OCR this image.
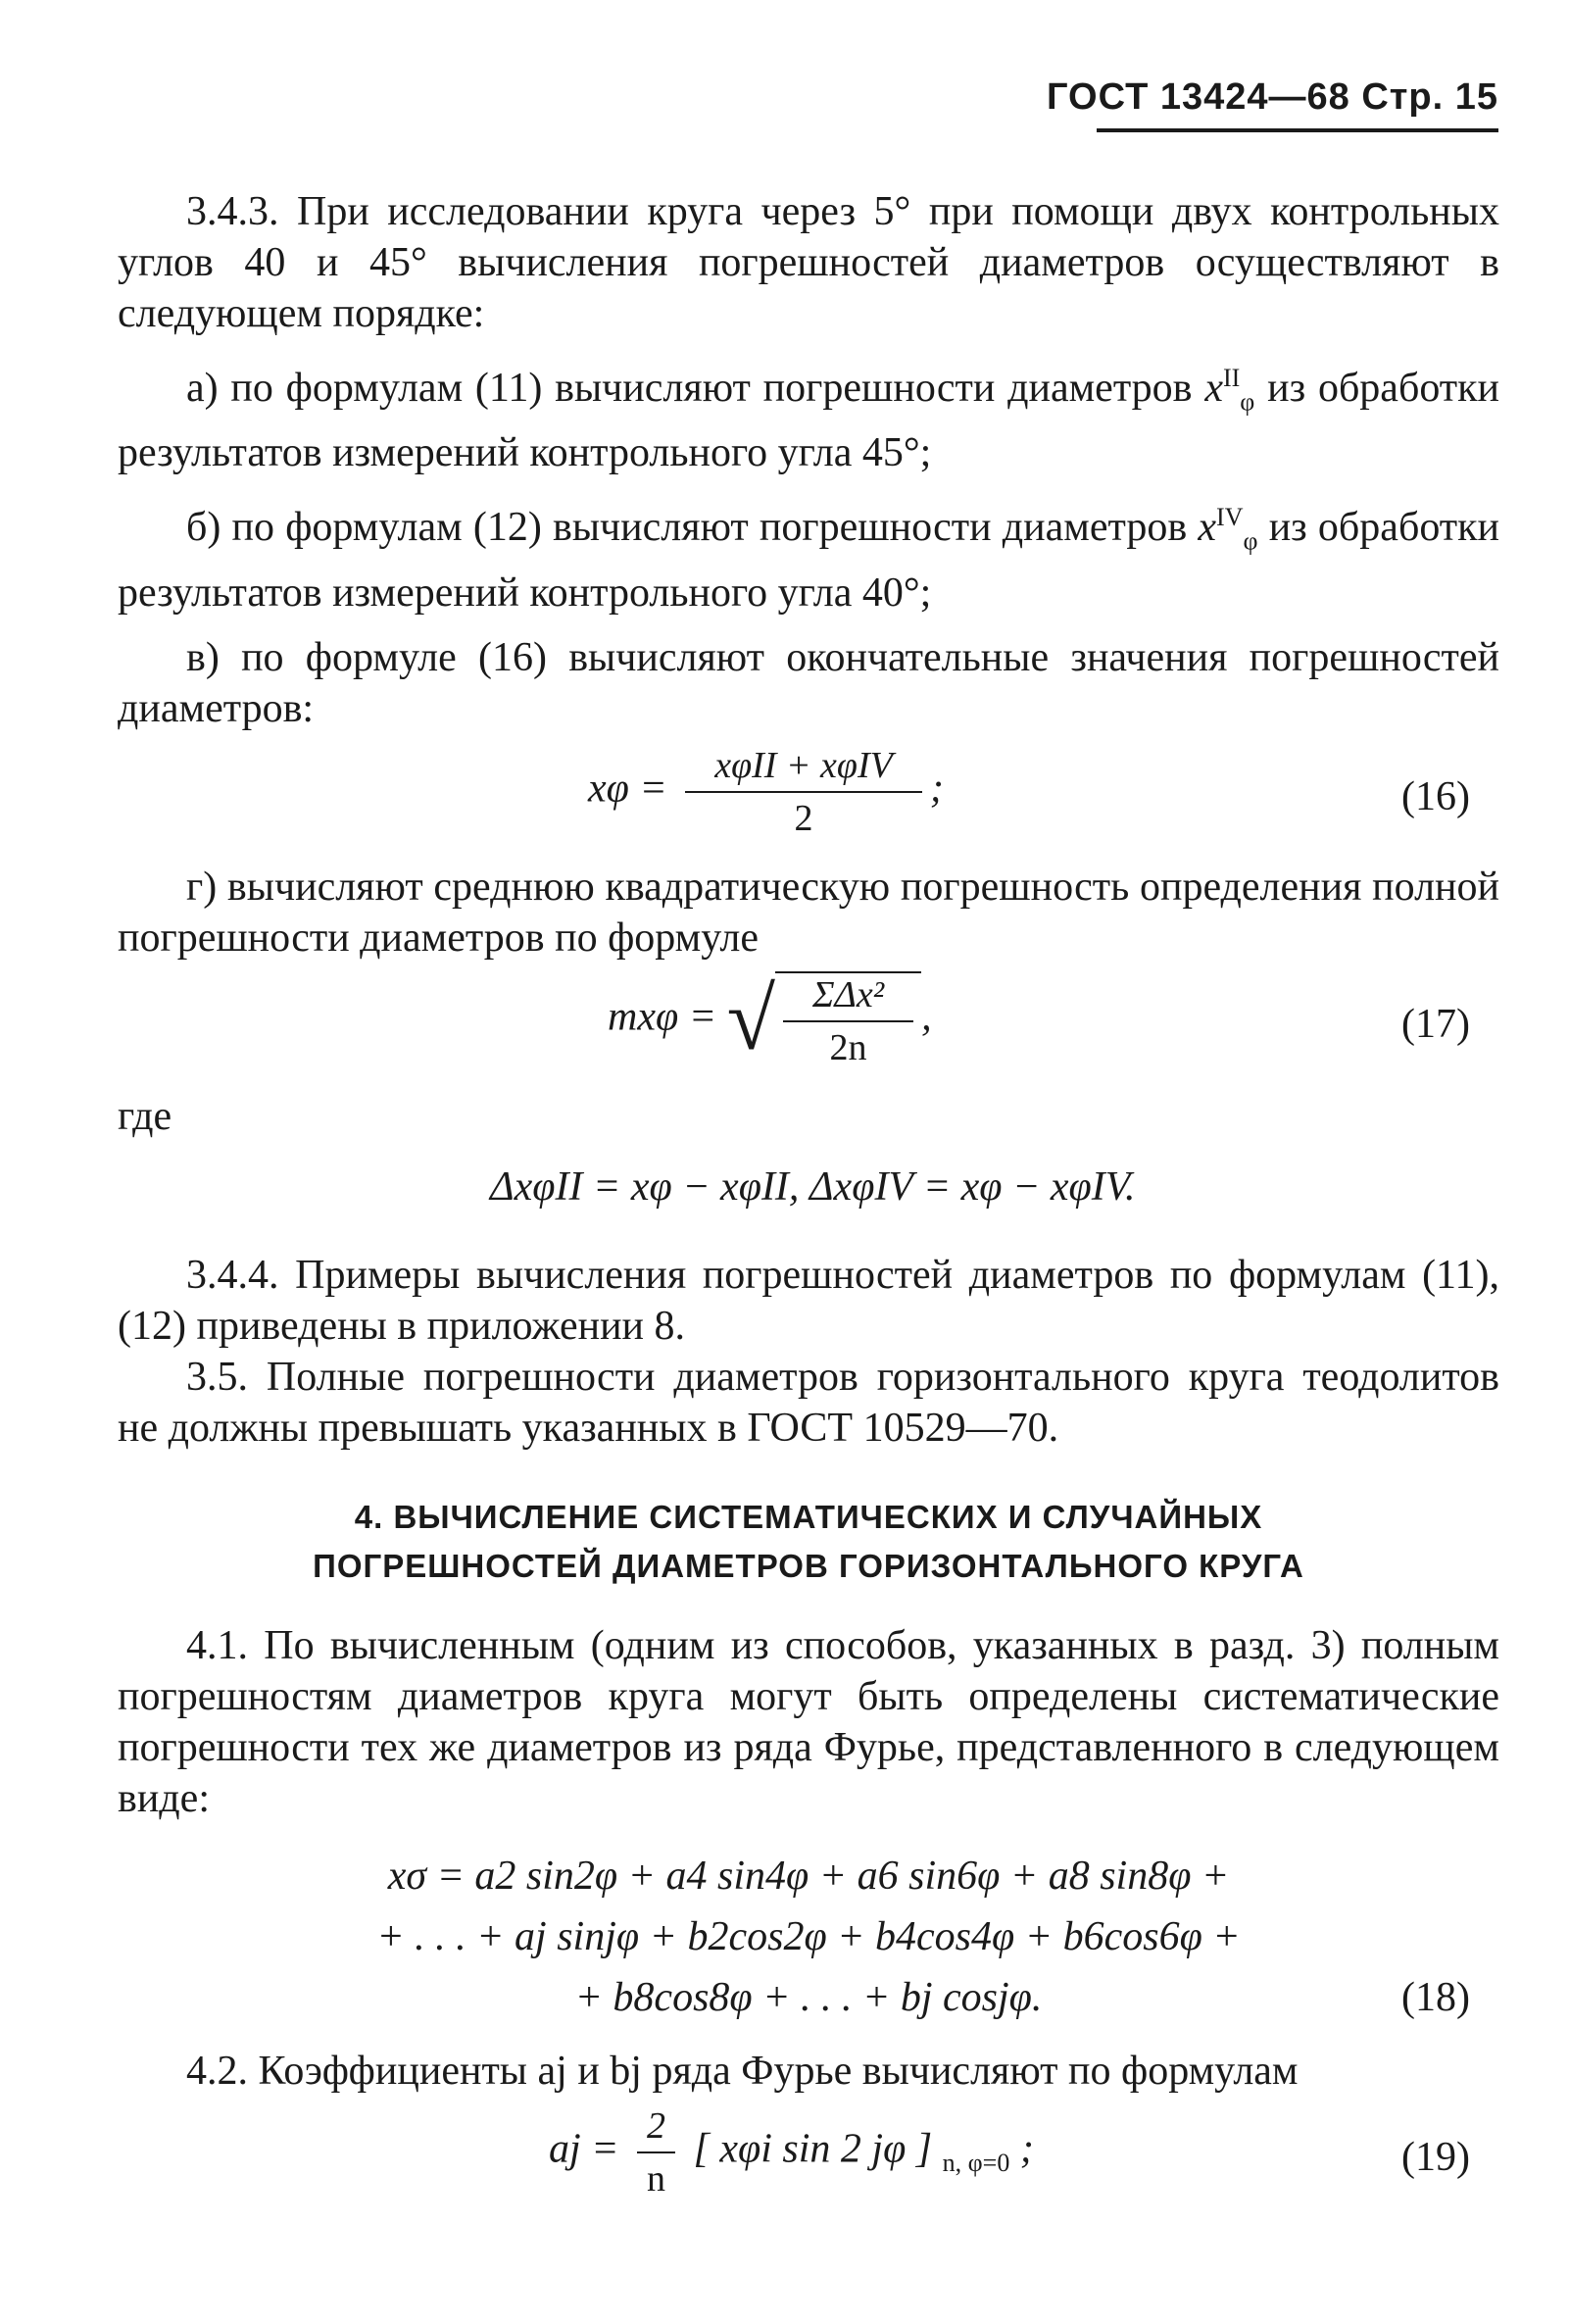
ГОСТ 13424—68 Стр. 15

3.4.3. При исследовании круга через 5° при помощи двух контрольных углов 40 и 45° вычисления погрешностей диаметров осуществляют в следующем порядке:

а) по формулам (11) вычисляют погрешности диаметров $x^{II}_\varphi$ из обработки результатов измерений контрольного угла 45°;

б) по формулам (12) вычисляют погрешности диаметров $x^{IV}_\varphi$ из обработки результатов измерений контрольного угла 40°;

в) по формуле (16) вычисляют окончательные значения погрешностей диаметров:

$x\varphi = \frac{\text{xφII + xφIV}}{2}$ ;	(16)

г) вычисляют среднюю квадратическую погрешность определения полной погрешности диаметров по формуле

mxφ = √ $\frac{\text{ΣΔx²}}{2n}$ ,	(17)

где

ΔxφII = xφ − xφII, ΔxφIV = xφ − xφIV.

3.4.4. Примеры вычисления погрешностей диаметров по формулам (11), (12) приведены в приложении 8.

3.5. Полные погрешности диаметров горизонтального круга теодолитов не должны превышать указанных в ГОСТ 10529—70.

4. ВЫЧИСЛЕНИЕ СИСТЕМАТИЧЕСКИХ И СЛУЧАЙНЫХ
ПОГРЕШНОСТЕЙ ДИАМЕТРОВ ГОРИЗОНТАЛЬНОГО КРУГА

4.1. По вычисленным (одним из способов, указанных в разд. 3) полным погрешностям диаметров круга могут быть определены систематические погрешности тех же диаметров из ряда Фурье, представленного в следующем виде:

xσ = a2 sin2φ + a4 sin4φ + a6 sin6φ + a8 sin8φ +
+ . . . + aj sinjφ + b2cos2φ + b4cos4φ + b6cos6φ +
+ b8cos8φ + . . . + bj cosjφ.	(18)

4.2. Коэффициенты aj и bj ряда Фурье вычисляют по формулам

aj = $\frac{2}{n}$ [ xφi sin 2 jφ ] $_{n, \varphi=0}$ ;	(19)
